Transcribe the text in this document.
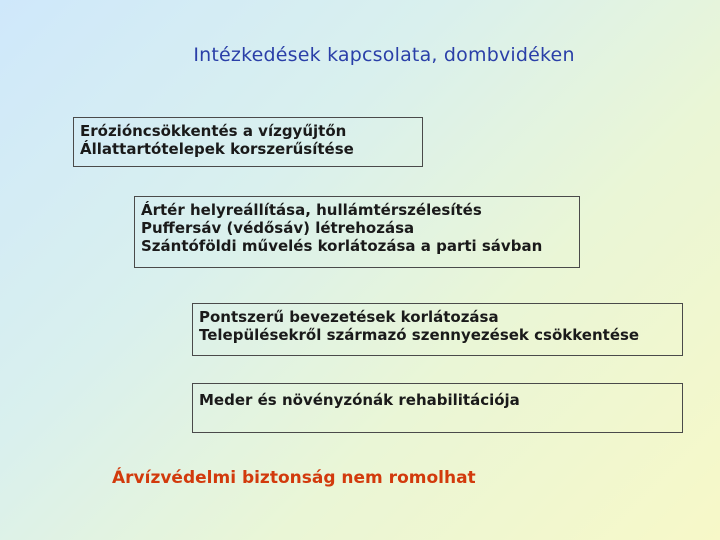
Intézkedések kapcsolata, dombvidéken
Erózióncsökkentés a vízgyűjtőn
Állattartótelepek korszerűsítése
Ártér helyreállítása, hullámtérszélesítés
Puffersáv (védősáv) létrehozása
Szántóföldi művelés korlátozása a parti sávban
Pontszerű bevezetések korlátozása
Településekről származó szennyezések csökkentése
Meder és növényzónák rehabilitációja
Árvízvédelmi biztonság nem romolhat
